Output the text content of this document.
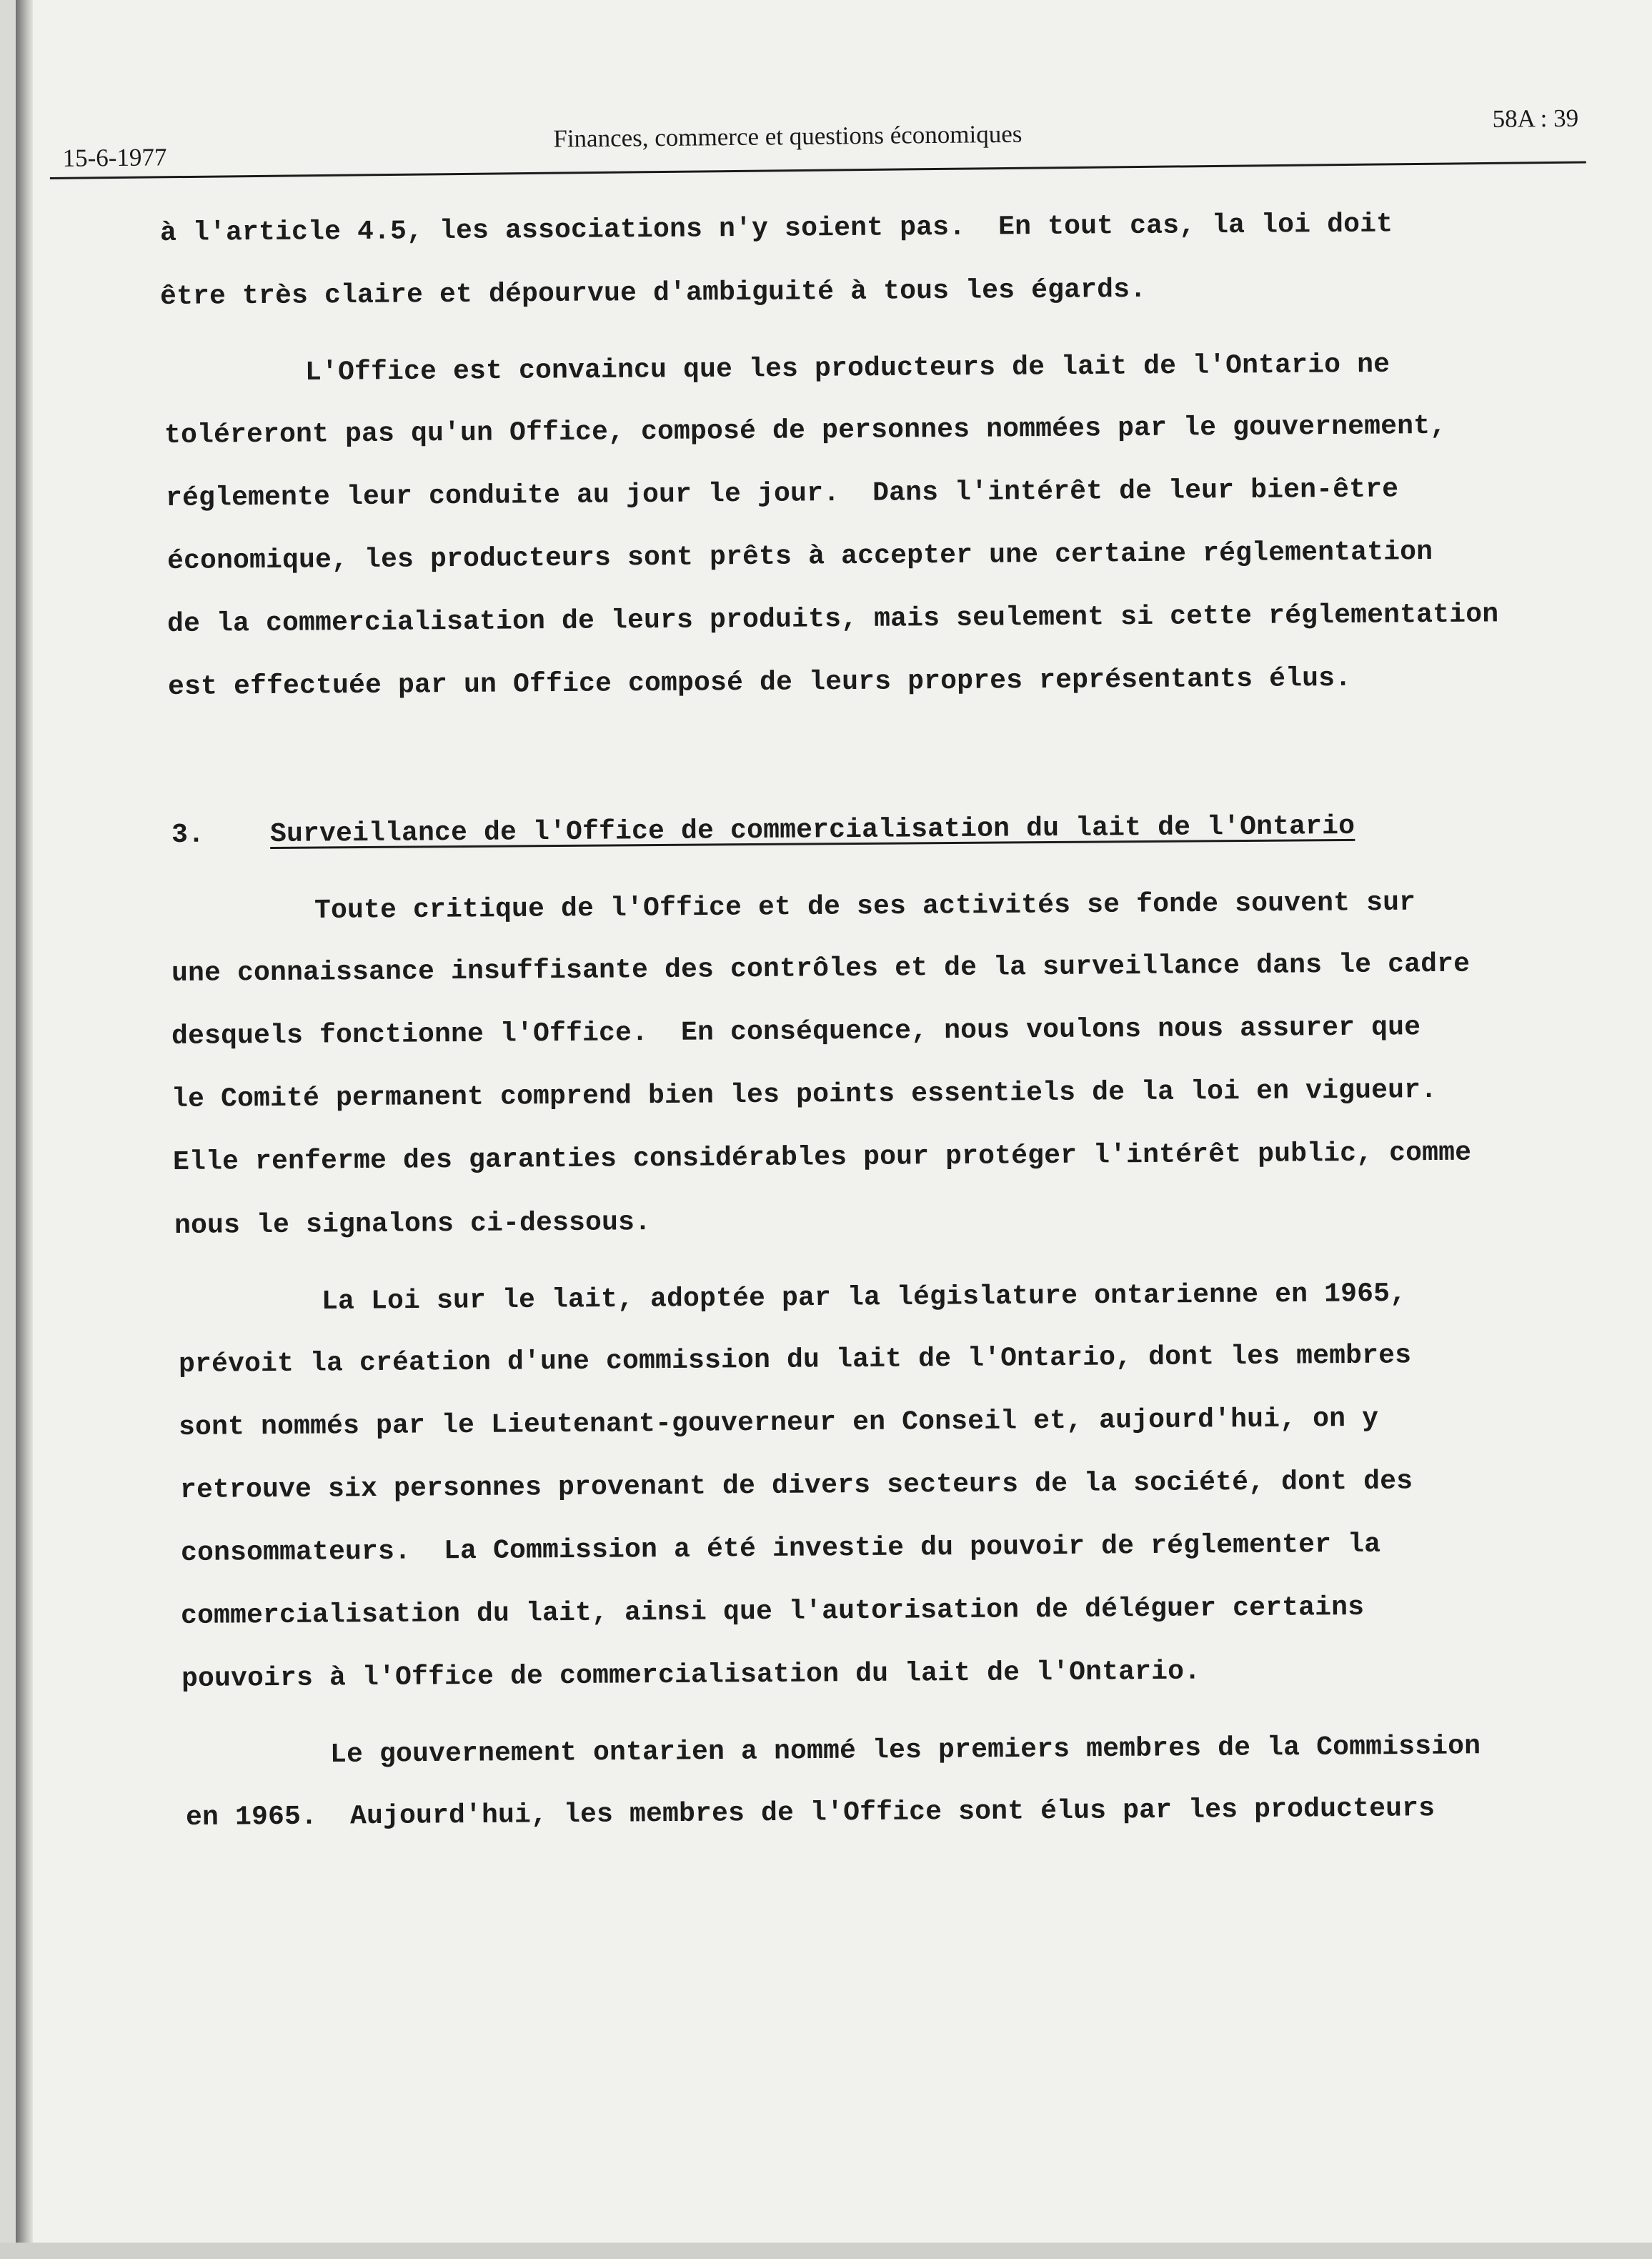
15-6-1977
Finances, commerce et questions économiques
58A : 39
à l'article 4.5, les associations n'y soient pas.  En tout cas, la loi doit
être très claire et dépourvue d'ambiguité à tous les égards.
L'Office est convaincu que les producteurs de lait de l'Ontario ne
toléreront pas qu'un Office, composé de personnes nommées par le gouvernement,
réglemente leur conduite au jour le jour.  Dans l'intérêt de leur bien-être
économique, les producteurs sont prêts à accepter une certaine réglementation
de la commercialisation de leurs produits, mais seulement si cette réglementation
est effectuée par un Office composé de leurs propres représentants élus.
3. Surveillance de l'Office de commercialisation du lait de l'Ontario
Toute critique de l'Office et de ses activités se fonde souvent sur
une connaissance insuffisante des contrôles et de la surveillance dans le cadre
desquels fonctionne l'Office.  En conséquence, nous voulons nous assurer que
le Comité permanent comprend bien les points essentiels de la loi en vigueur.
Elle renferme des garanties considérables pour protéger l'intérêt public, comme
nous le signalons ci-dessous.
La Loi sur le lait, adoptée par la législature ontarienne en 1965,
prévoit la création d'une commission du lait de l'Ontario, dont les membres
sont nommés par le Lieutenant-gouverneur en Conseil et, aujourd'hui, on y
retrouve six personnes provenant de divers secteurs de la société, dont des
consommateurs.  La Commission a été investie du pouvoir de réglementer la
commercialisation du lait, ainsi que l'autorisation de déléguer certains
pouvoirs à l'Office de commercialisation du lait de l'Ontario.
Le gouvernement ontarien a nommé les premiers membres de la Commission
en 1965.  Aujourd'hui, les membres de l'Office sont élus par les producteurs
